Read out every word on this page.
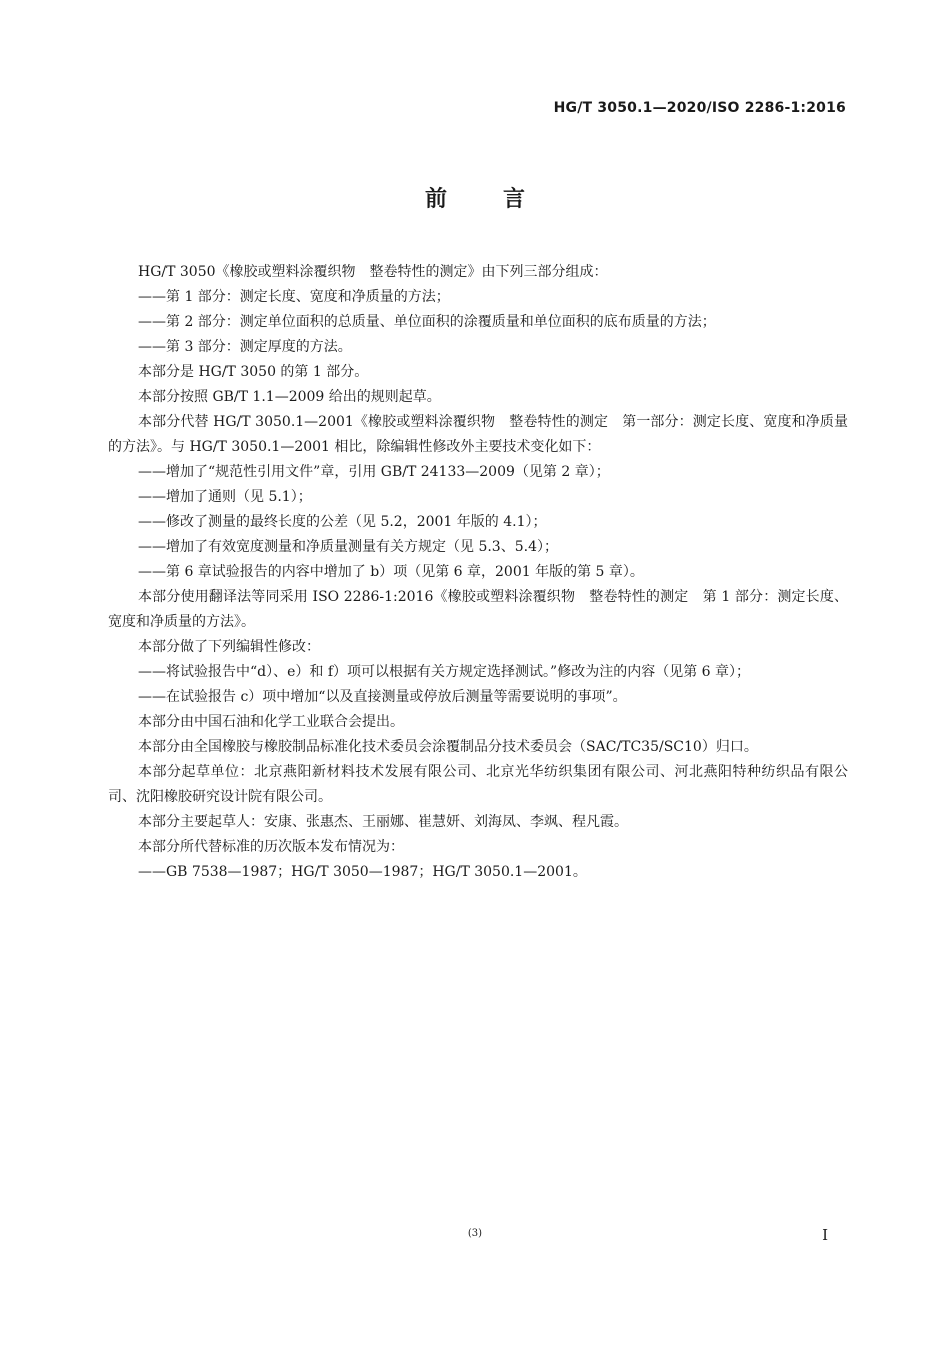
HG/T 3050.1—2020/ISO 2286-1:2016
前言

HG/T 3050《橡胶或塑料涂覆织物　整卷特性的测定》由下列三部分组成：

——第 1 部分：测定长度、宽度和净质量的方法；

——第 2 部分：测定单位面积的总质量、单位面积的涂覆质量和单位面积的底布质量的方法；

——第 3 部分：测定厚度的方法。

本部分是 HG/T 3050 的第 1 部分。

本部分按照 GB/T 1.1—2009 给出的规则起草。

本部分代替 HG/T 3050.1—2001《橡胶或塑料涂覆织物　整卷特性的测定　第一部分：测定长度、宽度和净质量的方法》。与 HG/T 3050.1—2001 相比，除编辑性修改外主要技术变化如下：

——增加了“规范性引用文件”章，引用 GB/T 24133—2009（见第 2 章）；

——增加了通则（见 5.1）；

——修改了测量的最终长度的公差（见 5.2，2001 年版的 4.1）；

——增加了有效宽度测量和净质量测量有关方规定（见 5.3、5.4）；

——第 6 章试验报告的内容中增加了 b）项（见第 6 章，2001 年版的第 5 章）。

本部分使用翻译法等同采用 ISO 2286-1:2016《橡胶或塑料涂覆织物　整卷特性的测定　第 1 部分：测定长度、宽度和净质量的方法》。

本部分做了下列编辑性修改：

——将试验报告中“d）、e）和 f）项可以根据有关方规定选择测试。”修改为注的内容（见第 6 章）；

——在试验报告 c）项中增加“以及直接测量或停放后测量等需要说明的事项”。

本部分由中国石油和化学工业联合会提出。

本部分由全国橡胶与橡胶制品标准化技术委员会涂覆制品分技术委员会（SAC/TC35/SC10）归口。

本部分起草单位：北京燕阳新材料技术发展有限公司、北京光华纺织集团有限公司、河北燕阳特种纺织品有限公司、沈阳橡胶研究设计院有限公司。

本部分主要起草人：安康、张惠杰、王丽娜、崔慧妍、刘海凤、李飒、程凡霞。

本部分所代替标准的历次版本发布情况为：

——GB 7538—1987；HG/T 3050—1987；HG/T 3050.1—2001。

(3)	I
